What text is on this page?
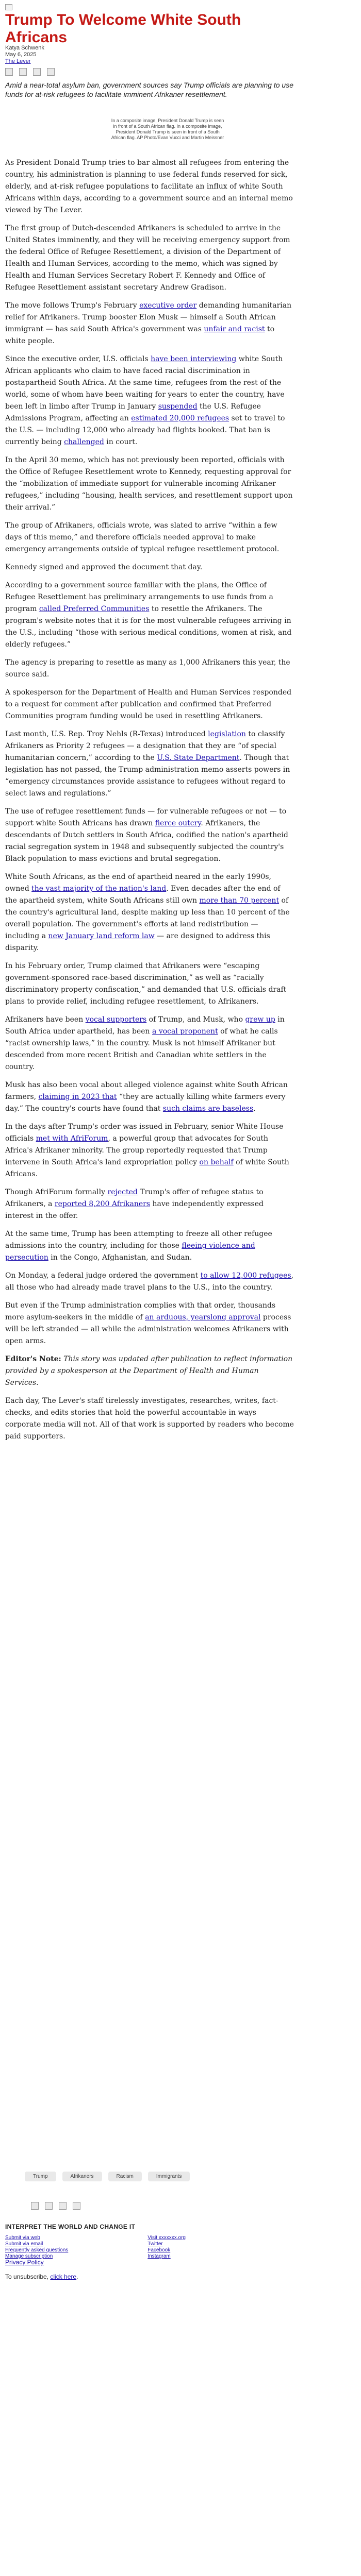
Trump To Welcome White South Africans
Katya Schwenk
May 6, 2025
The Lever

Amid a near-total asylum ban, government sources say Trump officials are planning to use funds for at-risk refugees to facilitate imminent Afrikaner resettlement.

In a composite image, President Donald Trump is seen in front of a South African flag. In a composite image, President Donald Trump is seen in front of a South African flag. AP Photo/Evan Vucci and Martin Meissner

As President Donald Trump tries to bar almost all refugees from entering the country, his administration is planning to use federal funds reserved for sick, elderly, and at-risk refugee populations to facilitate an influx of white South Africans within days, according to a government source and an internal memo viewed by The Lever.

The first group of Dutch-descended Afrikaners is scheduled to arrive in the United States imminently, and they will be receiving emergency support from the federal Office of Refugee Resettlement, a division of the Department of Health and Human Services, according to the memo, which was signed by Health and Human Services Secretary Robert F. Kennedy and Office of Refugee Resettlement assistant secretary Andrew Gradison.

The move follows Trump's February executive order demanding humanitarian relief for Afrikaners. Trump booster Elon Musk — himself a South African immigrant — has said South Africa's government was unfair and racist to white people.

Since the executive order, U.S. officials have been interviewing white South African applicants who claim to have faced racial discrimination in postapartheid South Africa. At the same time, refugees from the rest of the world, some of whom have been waiting for years to enter the country, have been left in limbo after Trump in January suspended the U.S. Refugee Admissions Program, affecting an estimated 20,000 refugees set to travel to the U.S. — including 12,000 who already had flights booked. That ban is currently being challenged in court.

In the April 30 memo, which has not previously been reported, officials with the Office of Refugee Resettlement wrote to Kennedy, requesting approval for the “mobilization of immediate support for vulnerable incoming Afrikaner refugees,” including “housing, health services, and resettlement support upon their arrival.”

The group of Afrikaners, officials wrote, was slated to arrive “within a few days of this memo,” and therefore officials needed approval to make emergency arrangements outside of typical refugee resettlement protocol.

Kennedy signed and approved the document that day.

According to a government source familiar with the plans, the Office of Refugee Resettlement has preliminary arrangements to use funds from a program called Preferred Communities to resettle the Afrikaners. The program's website notes that it is for the most vulnerable refugees arriving in the U.S., including “those with serious medical conditions, women at risk, and elderly refugees.”

The agency is preparing to resettle as many as 1,000 Afrikaners this year, the source said.

A spokesperson for the Department of Health and Human Services responded to a request for comment after publication and confirmed that Preferred Communities program funding would be used in resettling Afrikaners.

Last month, U.S. Rep. Troy Nehls (R-Texas) introduced legislation to classify Afrikaners as Priority 2 refugees — a designation that they are “of special humanitarian concern,” according to the U.S. State Department. Though that legislation has not passed, the Trump administration memo asserts powers in “emergency circumstances provide assistance to refugees without regard to select laws and regulations.”

The use of refugee resettlement funds — for vulnerable refugees or not — to support white South Africans has drawn fierce outcry. Afrikaners, the descendants of Dutch settlers in South Africa, codified the nation's apartheid racial segregation system in 1948 and subsequently subjected the country's Black population to mass evictions and brutal segregation.

White South Africans, as the end of apartheid neared in the early 1990s, owned the vast majority of the nation's land. Even decades after the end of the apartheid system, white South Africans still own more than 70 percent of the country's agricultural land, despite making up less than 10 percent of the overall population. The government's efforts at land redistribution — including a new January land reform law — are designed to address this disparity.

In his February order, Trump claimed that Afrikaners were “escaping government-sponsored race-based discrimination,” as well as “racially discriminatory property confiscation,” and demanded that U.S. officials draft plans to provide relief, including refugee resettlement, to Afrikaners.

Afrikaners have been vocal supporters of Trump, and Musk, who grew up in South Africa under apartheid, has been a vocal proponent of what he calls “racist ownership laws,” in the country. Musk is not himself Afrikaner but descended from more recent British and Canadian white settlers in the country.

Musk has also been vocal about alleged violence against white South African farmers, claiming in 2023 that “they are actually killing white farmers every day.” The country's courts have found that such claims are baseless.

In the days after Trump's order was issued in February, senior White House officials met with AfriForum, a powerful group that advocates for South Africa's Afrikaner minority. The group reportedly requested that Trump intervene in South Africa's land expropriation policy on behalf of white South Africans.

Though AfriForum formally rejected Trump's offer of refugee status to Afrikaners, a reported 8,200 Afrikaners have independently expressed interest in the offer.

At the same time, Trump has been attempting to freeze all other refugee admissions into the country, including for those fleeing violence and persecution in the Congo, Afghanistan, and Sudan.

On Monday, a federal judge ordered the government to allow 12,000 refugees, all those who had already made travel plans to the U.S., into the country.

But even if the Trump administration complies with that order, thousands more asylum-seekers in the middle of an arduous, yearslong approval process will be left stranded — all while the administration welcomes Afrikaners with open arms.

Editor's Note: This story was updated after publication to reflect information provided by a spokesperson at the Department of Health and Human Services.

Each day, The Lever's staff tirelessly investigates, researches, writes, fact-checks, and edits stories that hold the powerful accountable in ways corporate media will not. All of that work is supported by readers who become paid supporters.

Trump	Afrikaners	Racism	Immigrants
INTERPRET THE WORLD AND CHANGE IT
Submit via web
Submit via email
Frequently asked questions
Manage subscription
Visit xxxxxxx.org
Twitter
Facebook
Instagram
Privacy Policy
To unsubscribe, click here.
